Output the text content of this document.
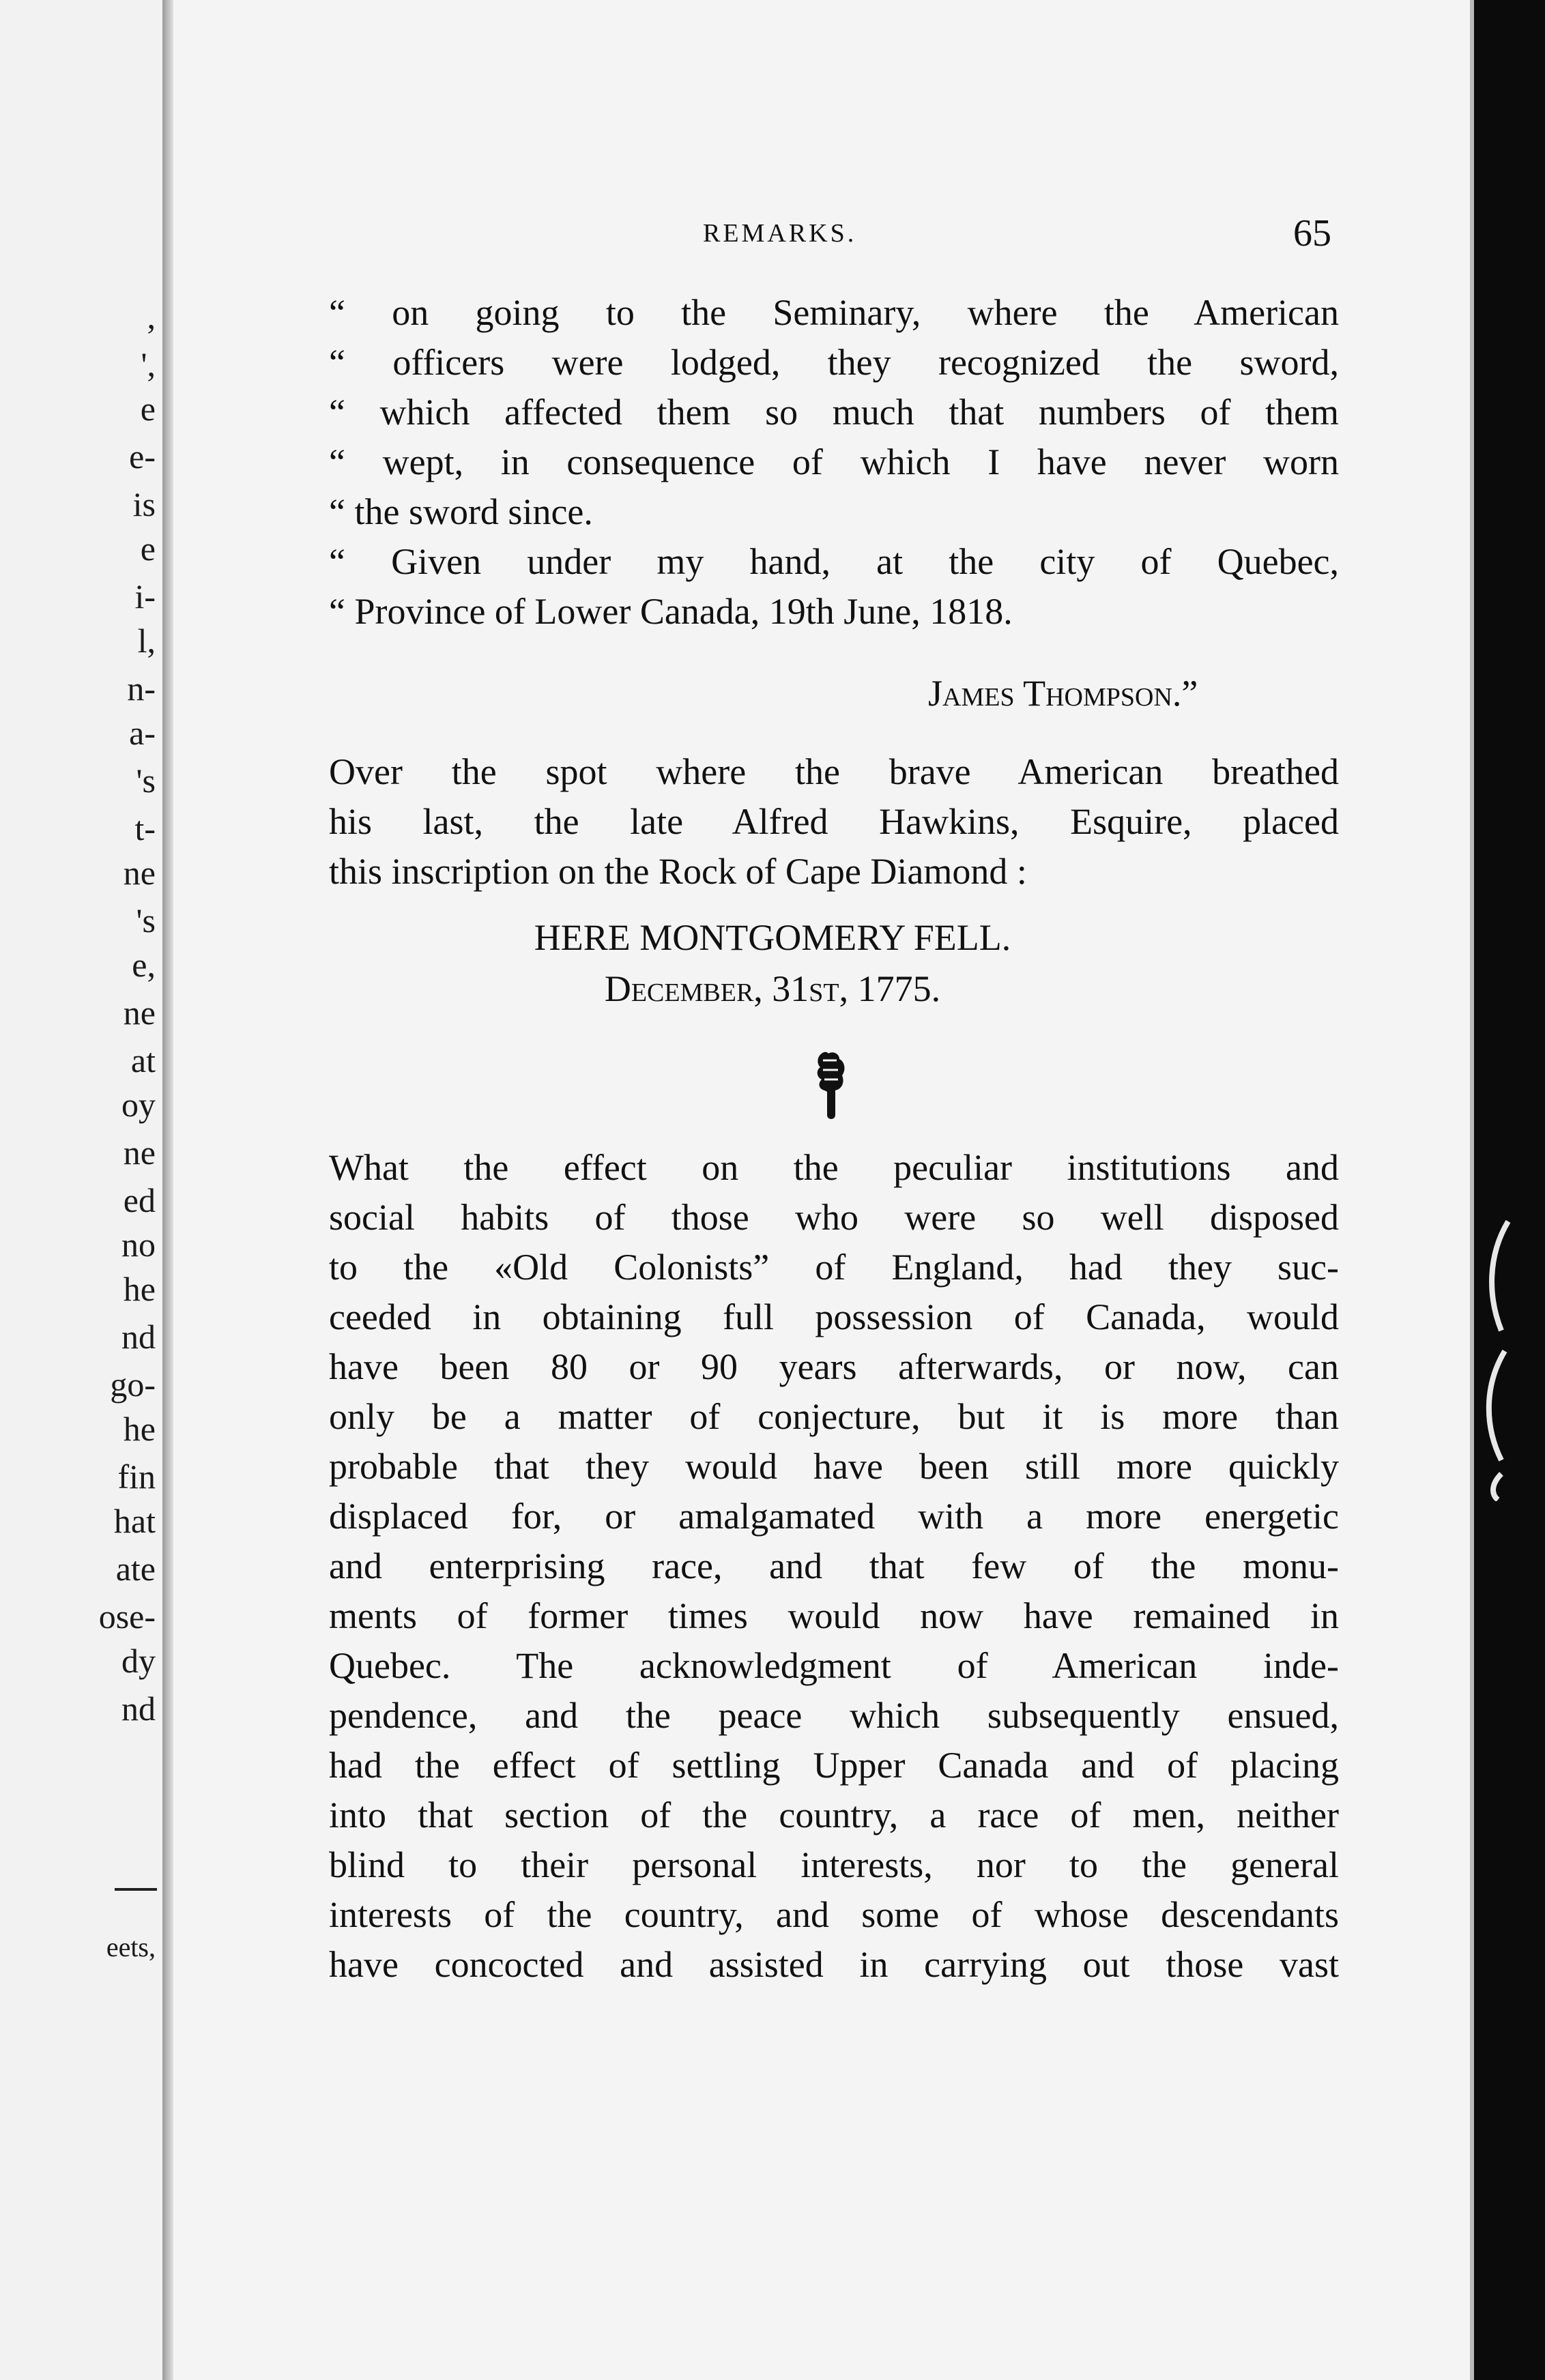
,
',
e
e-
is
e
i-
l,
n-
a-
's
t-
ne
's
e,
ne
at
oy
ne
ed
no
he
nd
go-
he
fin
hat
ate
ose-
dy
nd
eets,
REMARKS.	65
“ on going to the Seminary, where the American
“ officers were lodged, they recognized the sword,
“ which affected them so much that numbers of them
“ wept, in consequence of which I have never worn
“ the sword since.
“ Given under my hand, at the city of Quebec,
“ Province of Lower Canada, 19th June, 1818.
James Thompson.”
Over the spot where the brave American breathed
his last, the late Alfred Hawkins, Esquire, placed
this inscription on the Rock of Cape Diamond :
HERE MONTGOMERY FELL.
December, 31st, 1775.
What the effect on the peculiar institutions and
social habits of those who were so well disposed
to the «Old Colonists” of England, had they suc-
ceeded in obtaining full possession of Canada, would
have been 80 or 90 years afterwards, or now, can
only be a matter of conjecture, but it is more than
probable that they would have been still more quickly
displaced for, or amalgamated with a more energetic
and enterprising race, and that few of the monu-
ments of former times would now have remained in
Quebec. The acknowledgment of American inde-
pendence, and the peace which subsequently ensued,
had the effect of settling Upper Canada and of placing
into that section of the country, a race of men, neither
blind to their personal interests, nor to the general
interests of the country, and some of whose descendants
have concocted and assisted in carrying out those vast
